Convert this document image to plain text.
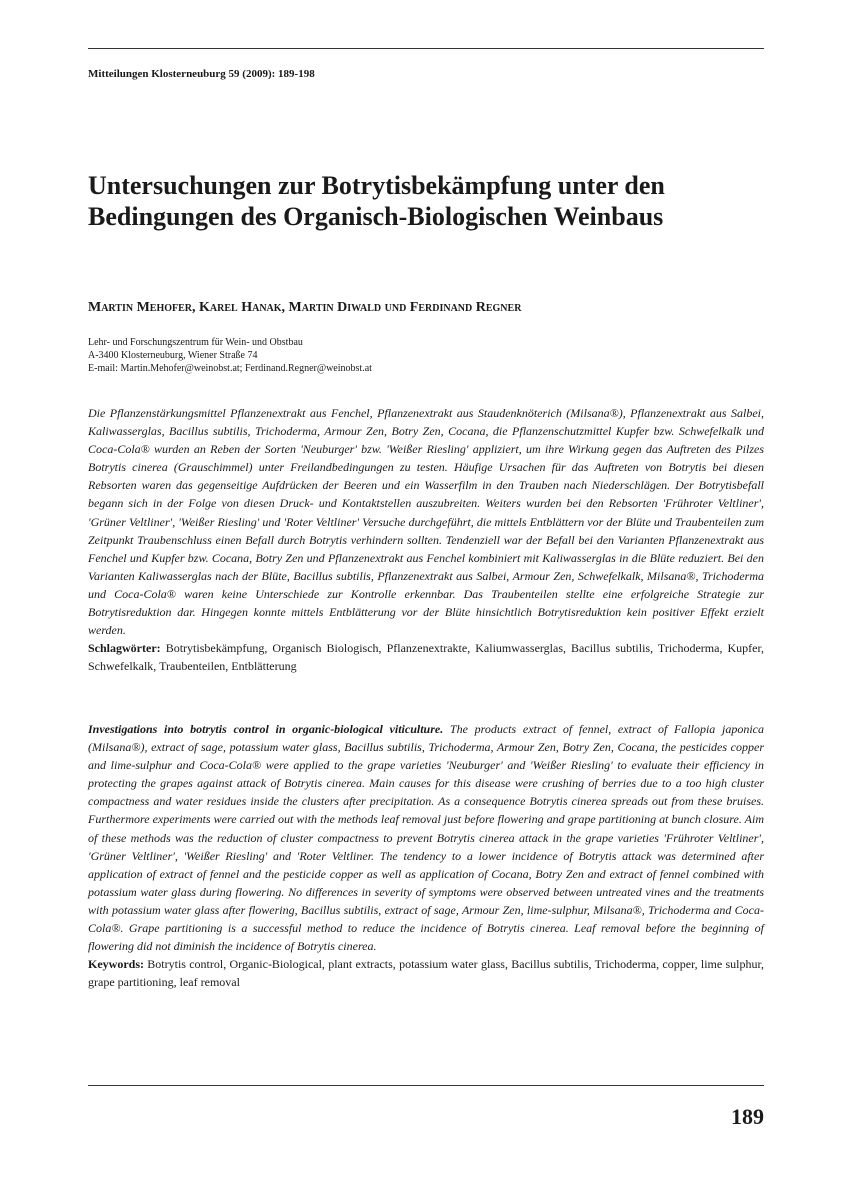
Mitteilungen Klosterneuburg 59 (2009): 189-198

Untersuchungen zur Botrytisbekämpfung unter den Bedingungen des Organisch-Biologischen Weinbaus

Martin Mehofer, Karel Hanak, Martin Diwald und Ferdinand Regner

Lehr- und Forschungszentrum für Wein- und Obstbau
A-3400 Klosterneuburg, Wiener Straße 74
E-mail: Martin.Mehofer@weinobst.at; Ferdinand.Regner@weinobst.at
Die Pflanzenstärkungsmittel Pflanzenextrakt aus Fenchel, Pflanzenextrakt aus Staudenknöterich (Milsana®), Pflanzenextrakt aus Salbei, Kaliwasserglas, Bacillus subtilis, Trichoderma, Armour Zen, Botry Zen, Cocana, die Pflanzenschutzmittel Kupfer bzw. Schwefelkalk und Coca-Cola® wurden an Reben der Sorten 'Neuburger' bzw. 'Weißer Riesling' appliziert, um ihre Wirkung gegen das Auftreten des Pilzes Botrytis cinerea (Grauschimmel) unter Freilandbedingungen zu testen. Häufige Ursachen für das Auftreten von Botrytis bei diesen Rebsorten waren das gegenseitige Aufdrücken der Beeren und ein Wasserfilm in den Trauben nach Niederschlägen. Der Botrytisbefall begann sich in der Folge von diesen Druck- und Kontaktstellen auszubreiten. Weiters wurden bei den Rebsorten 'Frühroter Veltliner', 'Grüner Veltliner', 'Weißer Riesling' und 'Roter Veltliner' Versuche durchgeführt, die mittels Entblättern vor der Blüte und Traubenteilen zum Zeitpunkt Traubenschluss einen Befall durch Botrytis verhindern sollten. Tendenziell war der Befall bei den Varianten Pflanzenextrakt aus Fenchel und Kupfer bzw. Cocana, Botry Zen und Pflanzenextrakt aus Fenchel kombiniert mit Kaliwasserglas in die Blüte reduziert. Bei den Varianten Kaliwasserglas nach der Blüte, Bacillus subtilis, Pflanzenextrakt aus Salbei, Armour Zen, Schwefelkalk, Milsana®, Trichoderma und Coca-Cola® waren keine Unterschiede zur Kontrolle erkennbar. Das Traubenteilen stellte eine erfolgreiche Strategie zur Botrytisreduktion dar. Hingegen konnte mittels Entblätterung vor der Blüte hinsichtlich Botrytisreduktion kein positiver Effekt erzielt werden.
Schlagwörter: Botrytisbekämpfung, Organisch Biologisch, Pflanzenextrakte, Kaliumwasserglas, Bacillus subtilis, Trichoderma, Kupfer, Schwefelkalk, Traubenteilen, Entblätterung
Investigations into botrytis control in organic-biological viticulture. The products extract of fennel, extract of Fallopia japonica (Milsana®), extract of sage, potassium water glass, Bacillus subtilis, Trichoderma, Armour Zen, Botry Zen, Cocana, the pesticides copper and lime-sulphur and Coca-Cola® were applied to the grape varieties 'Neuburger' and 'Weißer Riesling' to evaluate their efficiency in protecting the grapes against attack of Botrytis cinerea. Main causes for this disease were crushing of berries due to a too high cluster compactness and water residues inside the clusters after precipitation. As a consequence Botrytis cinerea spreads out from these bruises. Furthermore experiments were carried out with the methods leaf removal just before flowering and grape partitioning at bunch closure. Aim of these methods was the reduction of cluster compactness to prevent Botrytis cinerea attack in the grape varieties 'Frühroter Veltliner', 'Grüner Veltliner', 'Weißer Riesling' and 'Roter Veltliner. The tendency to a lower incidence of Botrytis attack was determined after application of extract of fennel and the pesticide copper as well as application of Cocana, Botry Zen and extract of fennel combined with potassium water glass during flowering. No differences in severity of symptoms were observed between untreated vines and the treatments with potassium water glass after flowering, Bacillus subtilis, extract of sage, Armour Zen, lime-sulphur, Milsana®, Trichoderma and Coca-Cola®. Grape partitioning is a successful method to reduce the incidence of Botrytis cinerea. Leaf removal before the beginning of flowering did not diminish the incidence of Botrytis cinerea.
Keywords: Botrytis control, Organic-Biological, plant extracts, potassium water glass, Bacillus subtilis, Trichoderma, copper, lime sulphur, grape partitioning, leaf removal

189
